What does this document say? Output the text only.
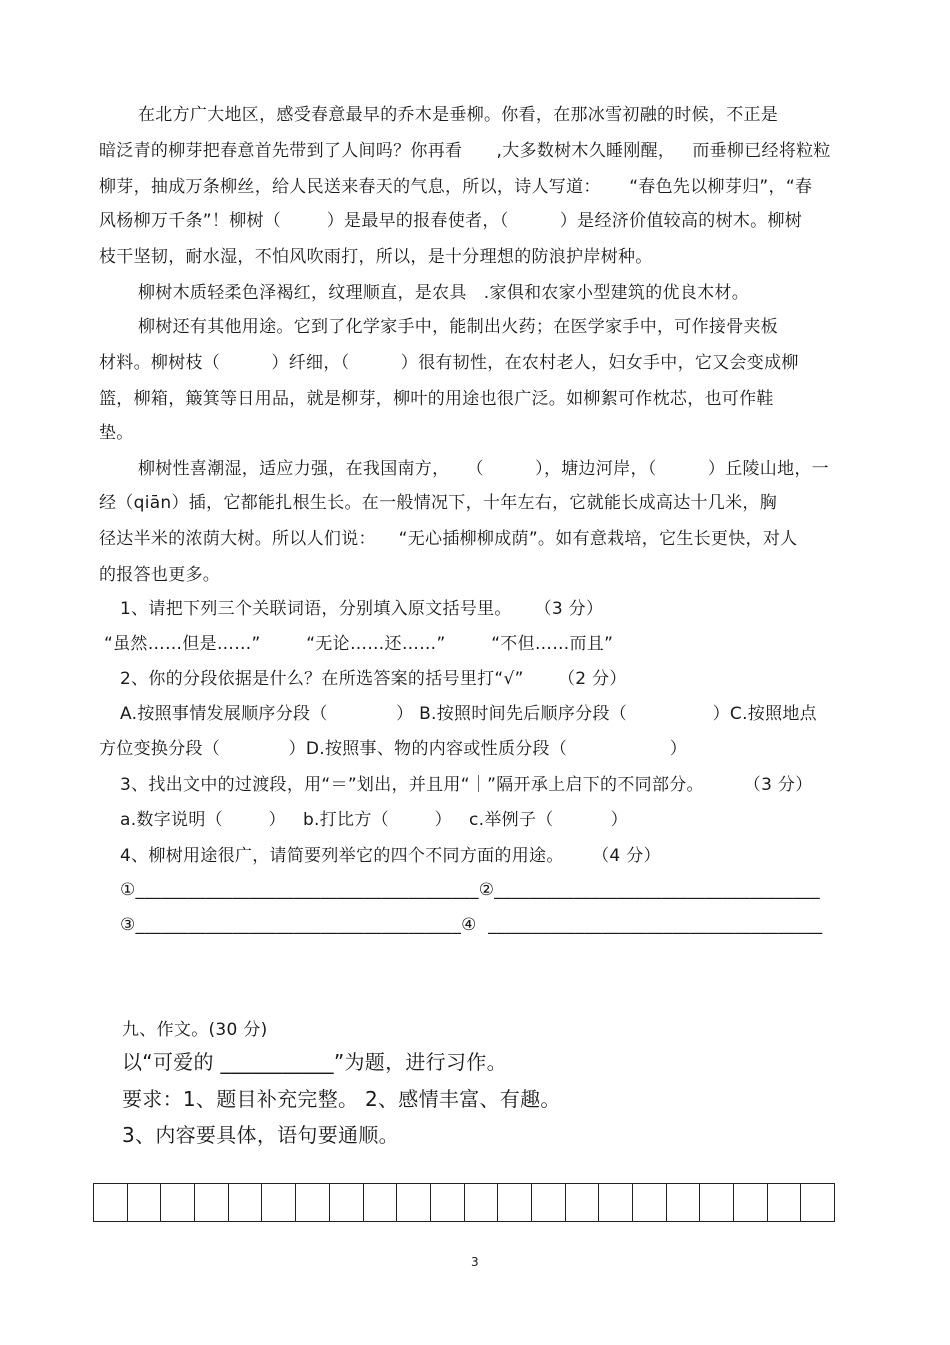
在北方广大地区，感受春意最早的乔木是垂柳。你看，在那冰雪初融的时候，不正是
暗泛青的柳芽把春意首先带到了人间吗？你再看      ,大多数树木久睡刚醒，   而垂柳已经将粒粒
柳芽，抽成万条柳丝，给人民送来春天的气息，所以，诗人写道：     “春色先以柳芽归”，“春
风杨柳万千条”！柳树（        ）是最早的报春使者，（         ）是经济价值较高的树木。柳树
枝干坚韧，耐水湿，不怕风吹雨打，所以，是十分理想的防浪护岸树种。
柳树木质轻柔色泽褐红，纹理顺直，是农具   .家俱和农家小型建筑的优良木材。
柳树还有其他用途。它到了化学家手中，能制出火药；在医学家手中，可作接骨夹板
材料。柳树枝（         ）纤细，（         ）很有韧性，在农村老人，妇女手中，它又会变成柳
篮，柳箱，簸箕等日用品，就是柳芽，柳叶的用途也很广泛。如柳絮可作枕芯，也可作鞋
垫。
柳树性喜潮湿，适应力强，在我国南方，   （         ），塘边河岸，（         ）丘陵山地，一
经（qiān）插，它都能扎根生长。在一般情况下，十年左右，它就能长成高达十几米，胸
径达半米的浓荫大树。所以人们说：    “无心插柳柳成荫”。如有意栽培，它生长更快，对人
的报答也更多。
1、请把下列三个关联词语，分别填入原文括号里。    （3 分）
“虽然……但是……”        “无论……还……”        “不但……而且”
2、你的分段依据是什么？在所选答案的括号里打“√”      （2 分）
A.按照事情发展顺序分段（            ） B.按照时间先后顺序分段（               ）C.按照地点
方位变换分段（            ）D.按照事、物的内容或性质分段（                  ）
3、找出文中的过渡段，用“＝”划出，并且用“｜”隔开承上启下的不同部分。       （3 分）
a.数字说明（        ）   b.打比方（        ）   c.举例子（          ）
4、柳树用途很广，请简要列举它的四个不同方面的用途。     （4 分）
①_______________________________________②_____________________________________
③_____________________________________④  ______________________________________
九、作文。(30 分)
以“可爱的 ___________”为题，进行习作。
要求：1、题目补充完整。 2、感情丰富、有趣。
3、内容要具体，语句要通顺。
3
